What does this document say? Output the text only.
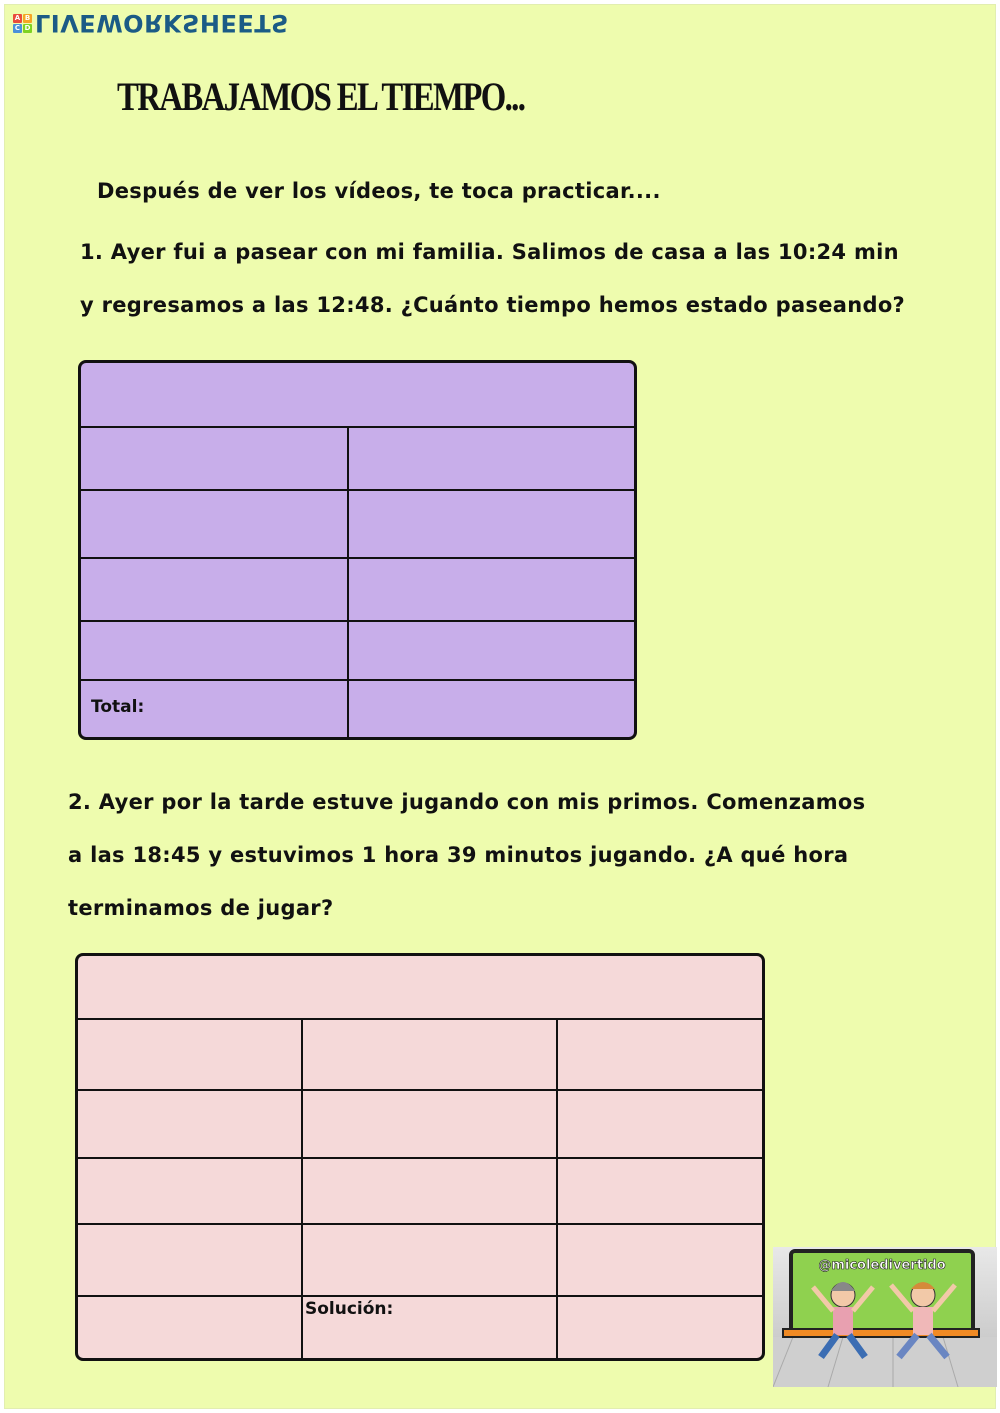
A B
C D LIVEWORKSHEETS
TRABAJAMOS EL TIEMPO...
Después de ver los vídeos, te toca practicar....
1. Ayer fui a pasear con mi familia. Salimos de casa a las 10:24 min
y regresamos a las 12:48. ¿Cuánto tiempo hemos estado paseando?
Total:
2. Ayer por la tarde estuve jugando con mis primos. Comenzamos
a las 18:45 y estuvimos 1 hora 39 minutos jugando. ¿A qué hora
terminamos de jugar?
Solución:
@micoledivertido
